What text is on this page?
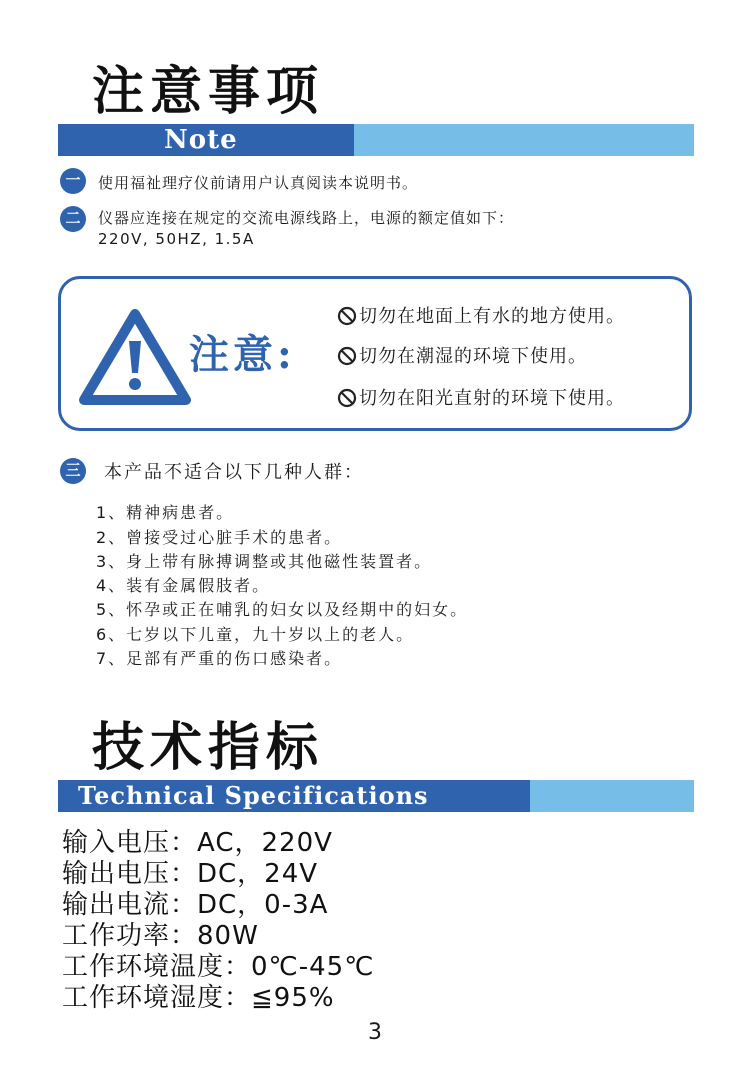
注意事项
Note
一	使用福祉理疗仪前请用户认真阅读本说明书。
二	仪器应连接在规定的交流电源线路上，电源的额定值如下：
220V, 50HZ, 1.5A
注意:
切勿在地面上有水的地方使用。
切勿在潮湿的环境下使用。
切勿在阳光直射的环境下使用。
三	本产品不适合以下几种人群：
1、精神病患者。
2、曾接受过心脏手术的患者。
3、身上带有脉搏调整或其他磁性装置者。
4、装有金属假肢者。
5、怀孕或正在哺乳的妇女以及经期中的妇女。
6、七岁以下儿童，九十岁以上的老人。
7、足部有严重的伤口感染者。
技术指标
Technical Specifications
输入电压：AC，220V
输出电压：DC，24V
输出电流：DC，0-3A
工作功率：80W
工作环境温度：0℃-45℃
工作环境湿度：≦95%
3
